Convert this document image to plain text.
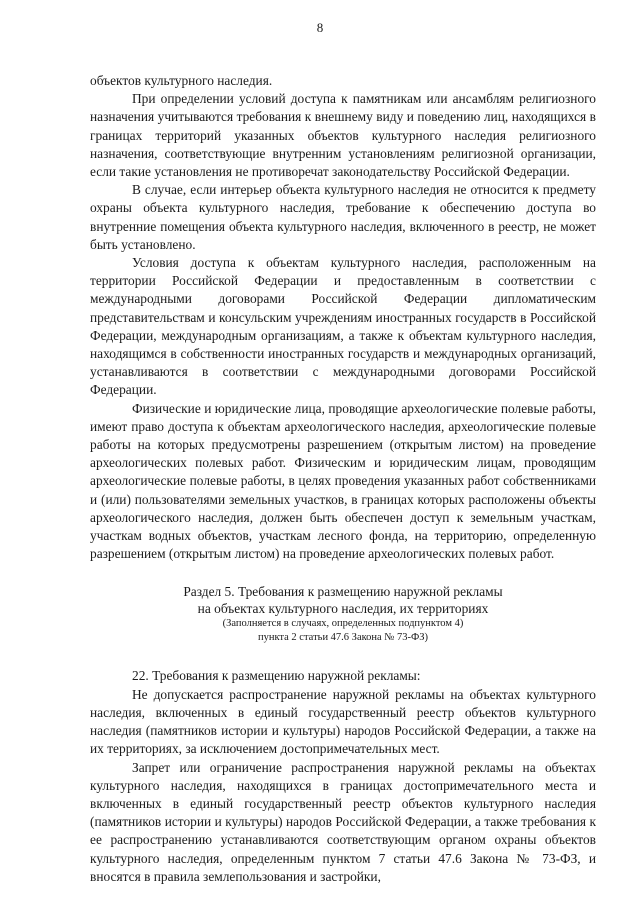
8

объектов культурного наследия.

При определении условий доступа к памятникам или ансамблям религиозного назначения учитываются требования к внешнему виду и поведению лиц, находящихся в границах территорий указанных объектов культурного наследия религиозного назначения, соответствующие внутренним установлениям религиозной организации, если такие установления не противоречат законодательству Российской Федерации.

В случае, если интерьер объекта культурного наследия не относится к предмету охраны объекта культурного наследия, требование к обеспечению доступа во внутренние помещения объекта культурного наследия, включенного в реестр, не может быть установлено.

Условия доступа к объектам культурного наследия, расположенным на территории Российской Федерации и предоставленным в соответствии с международными договорами Российской Федерации дипломатическим представительствам и консульским учреждениям иностранных государств в Российской Федерации, международным организациям, а также к объектам культурного наследия, находящимся в собственности иностранных государств и международных организаций, устанавливаются в соответствии с международными договорами Российской Федерации.

Физические и юридические лица, проводящие археологические полевые работы, имеют право доступа к объектам археологического наследия, археологические полевые работы на которых предусмотрены разрешением (открытым листом) на проведение археологических полевых работ. Физическим и юридическим лицам, проводящим археологические полевые работы, в целях проведения указанных работ собственниками и (или) пользователями земельных участков, в границах которых расположены объекты археологического наследия, должен быть обеспечен доступ к земельным участкам, участкам водных объектов, участкам лесного фонда, на территорию, определенную разрешением (открытым листом) на проведение археологических полевых работ.

Раздел 5. Требования к размещению наружной рекламы
на объектах культурного наследия, их территориях
(Заполняется в случаях, определенных подпунктом 4)
пункта 2 статьи 47.6 Закона № 73-ФЗ)

22. Требования к размещению наружной рекламы:

Не допускается распространение наружной рекламы на объектах культурного наследия, включенных в единый государственный реестр объектов культурного наследия (памятников истории и культуры) народов Российской Федерации, а также на их территориях, за исключением достопримечательных мест.

Запрет или ограничение распространения наружной рекламы на объектах культурного наследия, находящихся в границах достопримечательного места и включенных в единый государственный реестр объектов культурного наследия (памятников истории и культуры) народов Российской Федерации, а также требования к ее распространению устанавливаются соответствующим органом охраны объектов культурного наследия, определенным пунктом 7 статьи 47.6 Закона № 73-ФЗ, и вносятся в правила землепользования и застройки,
